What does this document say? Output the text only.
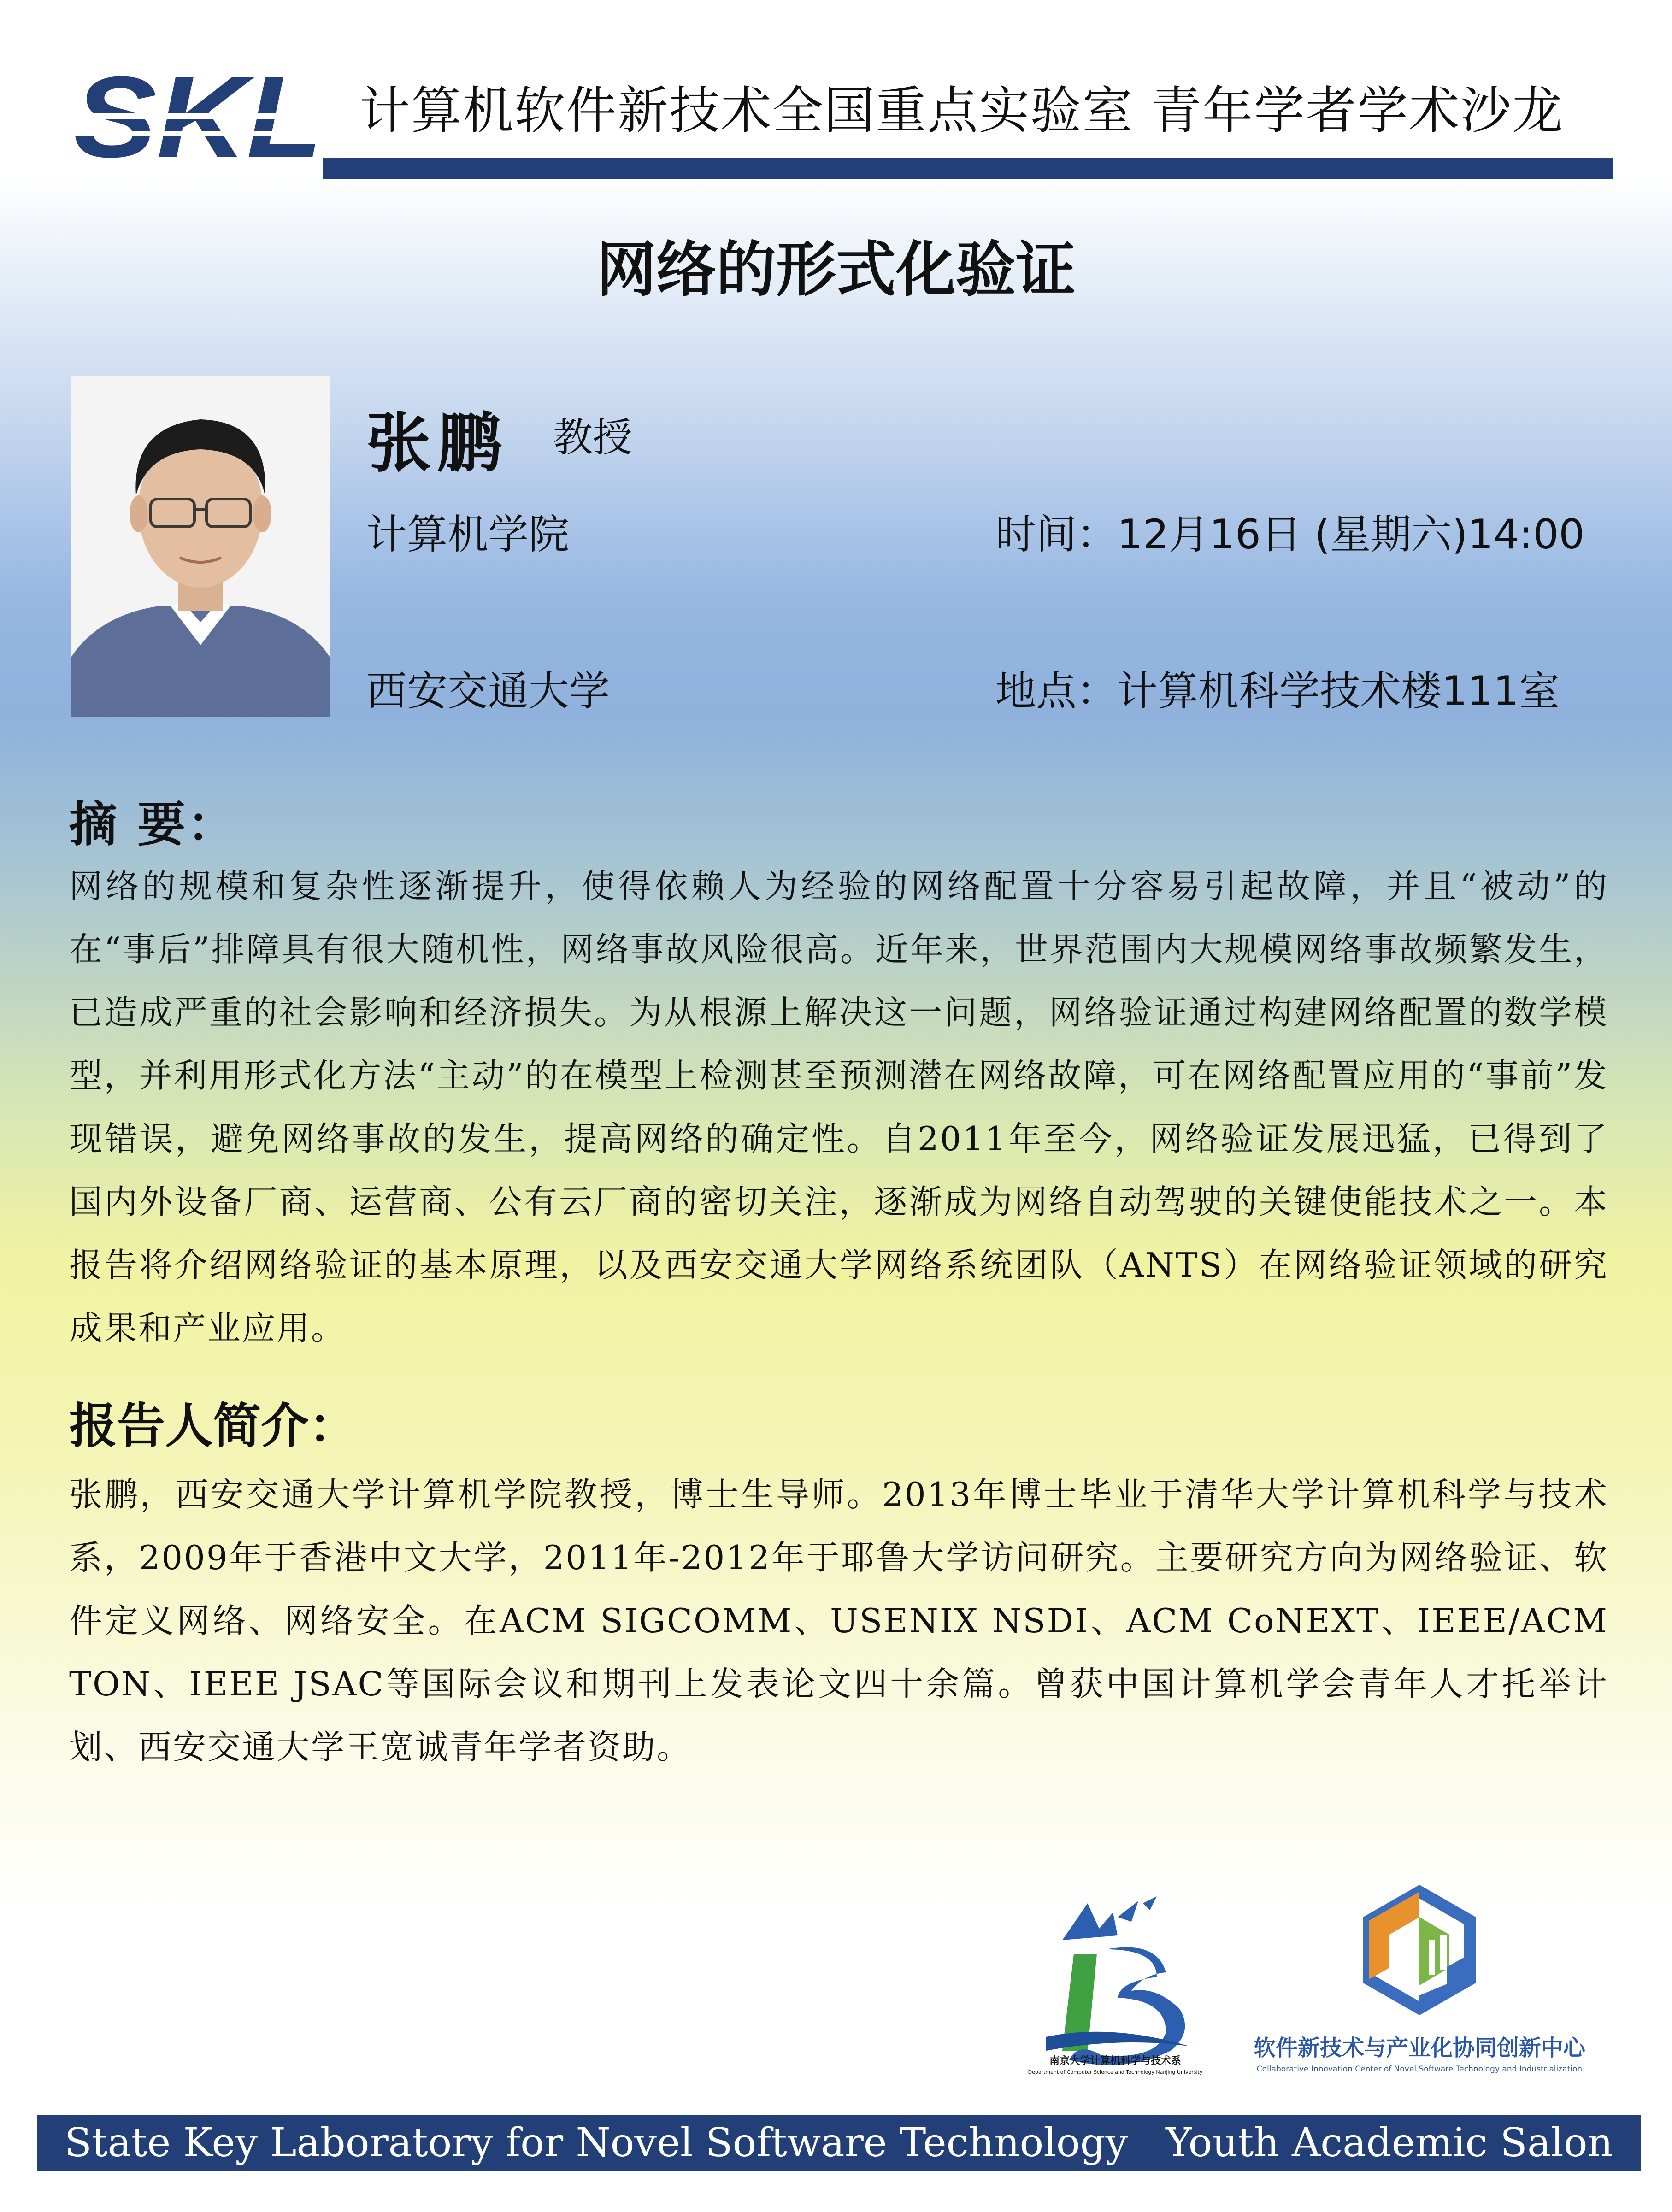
计算机软件新技术全国重点实验室 青年学者学术沙龙
网络的形式化验证
张鹏 教授
计算机学院
西安交通大学
时间：12月16日 (星期六)14:00
地点：计算机科学技术楼111室
摘 要：
网络的规模和复杂性逐渐提升，使得依赖人为经验的网络配置十分容易引起故障，并且“被动”的在“事后”排障具有很大随机性，网络事故风险很高。近年来，世界范围内大规模网络事故频繁发生，已造成严重的社会影响和经济损失。为从根源上解决这一问题，网络验证通过构建网络配置的数学模型，并利用形式化方法“主动”的在模型上检测甚至预测潜在网络故障，可在网络配置应用的“事前”发现错误，避免网络事故的发生，提高网络的确定性。自2011年至今，网络验证发展迅猛，已得到了国内外设备厂商、运营商、公有云厂商的密切关注，逐渐成为网络自动驾驶的关键使能技术之一。本报告将介绍网络验证的基本原理，以及西安交通大学网络系统团队（ANTS）在网络验证领域的研究成果和产业应用。
报告人简介：
张鹏，西安交通大学计算机学院教授，博士生导师。2013年博士毕业于清华大学计算机科学与技术系，2009年于香港中文大学，2011年-2012年于耶鲁大学访问研究。主要研究方向为网络验证、软件定义网络、网络安全。在ACM SIGCOMM、USENIX NSDI、ACM CoNEXT、IEEE/ACM TON、IEEE JSAC等国际会议和期刊上发表论文四十余篇。曾获中国计算机学会青年人才托举计划、西安交通大学王宽诚青年学者资助。
南京大学计算机科学与技术系
Department of Computer Science and Technology Nanjing University
软件新技术与产业化协同创新中心
Collaborative Innovation Center of Novel Software Technology and Industrialization
State Key Laboratory for Novel Software Technology   Youth Academic Salon
